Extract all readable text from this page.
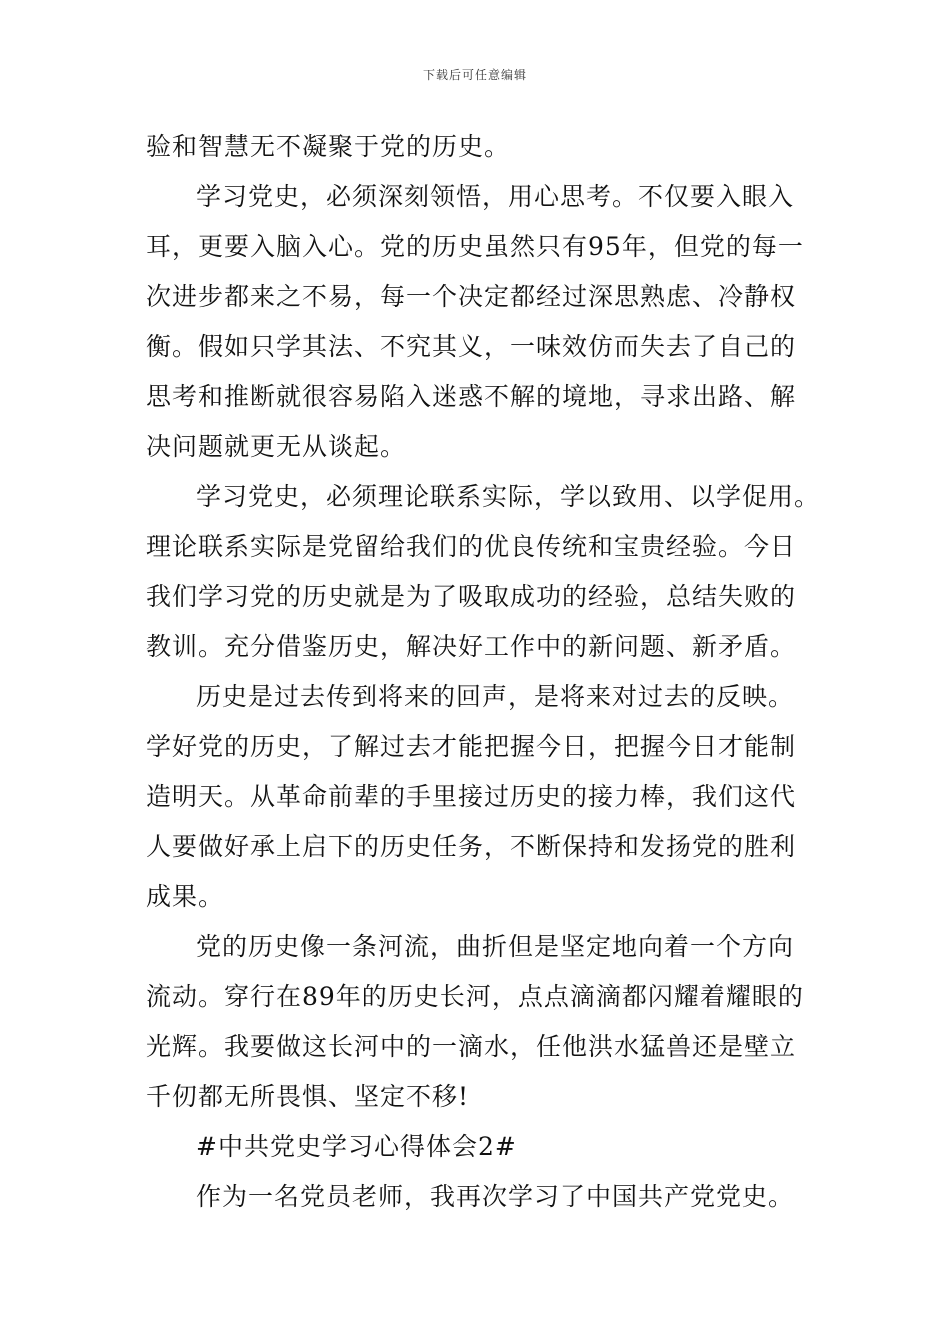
下载后可任意编辑
验和智慧无不凝聚于党的历史。
学习党史，必须深刻领悟，用心思考。不仅要入眼入
耳，更要入脑入心。党的历史虽然只有95年，但党的每一
次进步都来之不易，每一个决定都经过深思熟虑、冷静权
衡。假如只学其法、不究其义，一味效仿而失去了自己的
思考和推断就很容易陷入迷惑不解的境地，寻求出路、解
决问题就更无从谈起。
学习党史，必须理论联系实际，学以致用、以学促用。
理论联系实际是党留给我们的优良传统和宝贵经验。今日
我们学习党的历史就是为了吸取成功的经验，总结失败的
教训。充分借鉴历史，解决好工作中的新问题、新矛盾。
历史是过去传到将来的回声，是将来对过去的反映。
学好党的历史，了解过去才能把握今日，把握今日才能制
造明天。从革命前辈的手里接过历史的接力棒，我们这代
人要做好承上启下的历史任务，不断保持和发扬党的胜利
成果。
党的历史像一条河流，曲折但是坚定地向着一个方向
流动。穿行在89年的历史长河，点点滴滴都闪耀着耀眼的
光辉。我要做这长河中的一滴水，任他洪水猛兽还是壁立
千仞都无所畏惧、坚定不移!
#中共党史学习心得体会2#
作为一名党员老师，我再次学习了中国共产党党史。
